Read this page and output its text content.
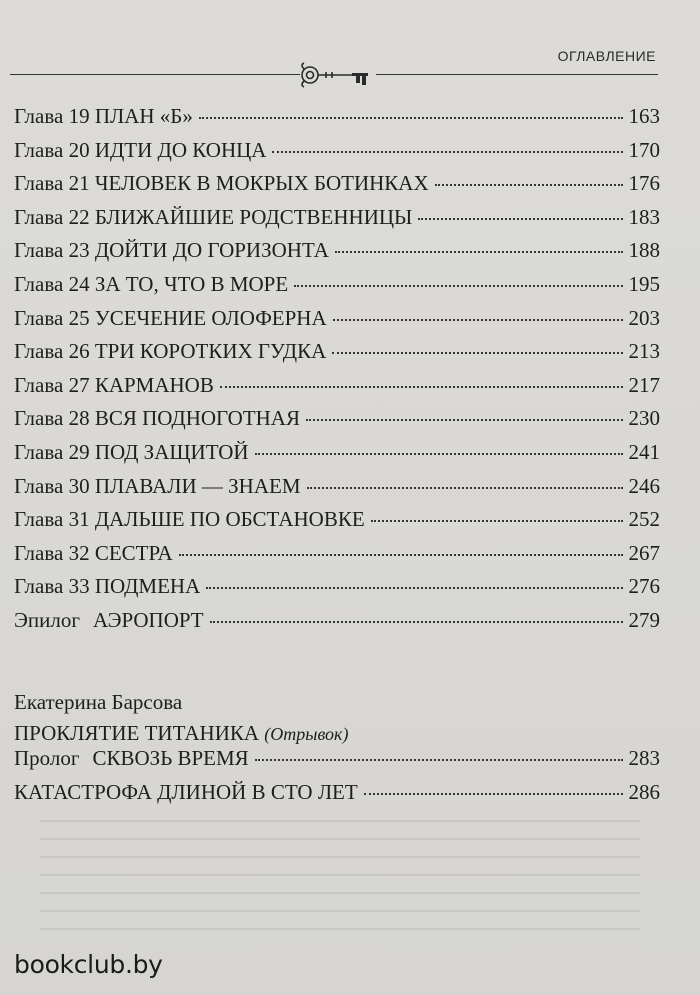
ОГЛАВЛЕНИЕ
Глава 19 ПЛАН «Б»	163
Глава 20 ИДТИ ДО КОНЦА	170
Глава 21 ЧЕЛОВЕК В МОКРЫХ БОТИНКАХ	176
Глава 22 БЛИЖАЙШИЕ РОДСТВЕННИЦЫ	183
Глава 23 ДОЙТИ ДО ГОРИЗОНТА	188
Глава 24 ЗА ТО, ЧТО В МОРЕ	195
Глава 25 УСЕЧЕНИЕ ОЛОФЕРНА	203
Глава 26 ТРИ КОРОТКИХ ГУДКА	213
Глава 27 КАРМАНОВ	217
Глава 28 ВСЯ ПОДНОГОТНАЯ	230
Глава 29 ПОД ЗАЩИТОЙ	241
Глава 30 ПЛАВАЛИ — ЗНАЕМ	246
Глава 31 ДАЛЬШЕ ПО ОБСТАНОВКЕ	252
Глава 32 СЕСТРА	267
Глава 33 ПОДМЕНА	276
Эпилог АЭРОПОРТ	279
Екатерина Барсова
ПРОКЛЯТИЕ ТИТАНИКА (Отрывок)
Пролог СКВОЗЬ ВРЕМЯ	283
КАТАСТРОФА ДЛИНОЙ В СТО ЛЕТ	286
bookclub.by
